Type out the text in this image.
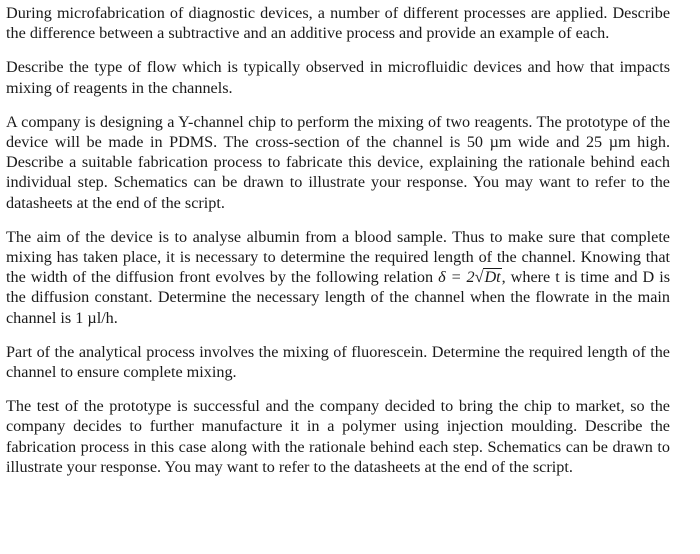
During microfabrication of diagnostic devices, a number of different processes are applied. Describe the difference between a subtractive and an additive process and provide an example of each.

Describe the type of flow which is typically observed in microfluidic devices and how that impacts mixing of reagents in the channels.

A company is designing a Y-channel chip to perform the mixing of two reagents. The prototype of the device will be made in PDMS. The cross-section of the channel is 50 µm wide and 25 µm high. Describe a suitable fabrication process to fabricate this device, explaining the rationale behind each individual step. Schematics can be drawn to illustrate your response. You may want to refer to the datasheets at the end of the script.

The aim of the device is to analyse albumin from a blood sample. Thus to make sure that complete mixing has taken place, it is necessary to determine the required length of the channel. Knowing that the width of the diffusion front evolves by the following relation δ = 2√Dt, where t is time and D is the diffusion constant. Determine the necessary length of the channel when the flowrate in the main channel is 1 µl/h.

Part of the analytical process involves the mixing of fluorescein. Determine the required length of the channel to ensure complete mixing.

The test of the prototype is successful and the company decided to bring the chip to market, so the company decides to further manufacture it in a polymer using injection moulding. Describe the fabrication process in this case along with the rationale behind each step. Schematics can be drawn to illustrate your response. You may want to refer to the datasheets at the end of the script.
